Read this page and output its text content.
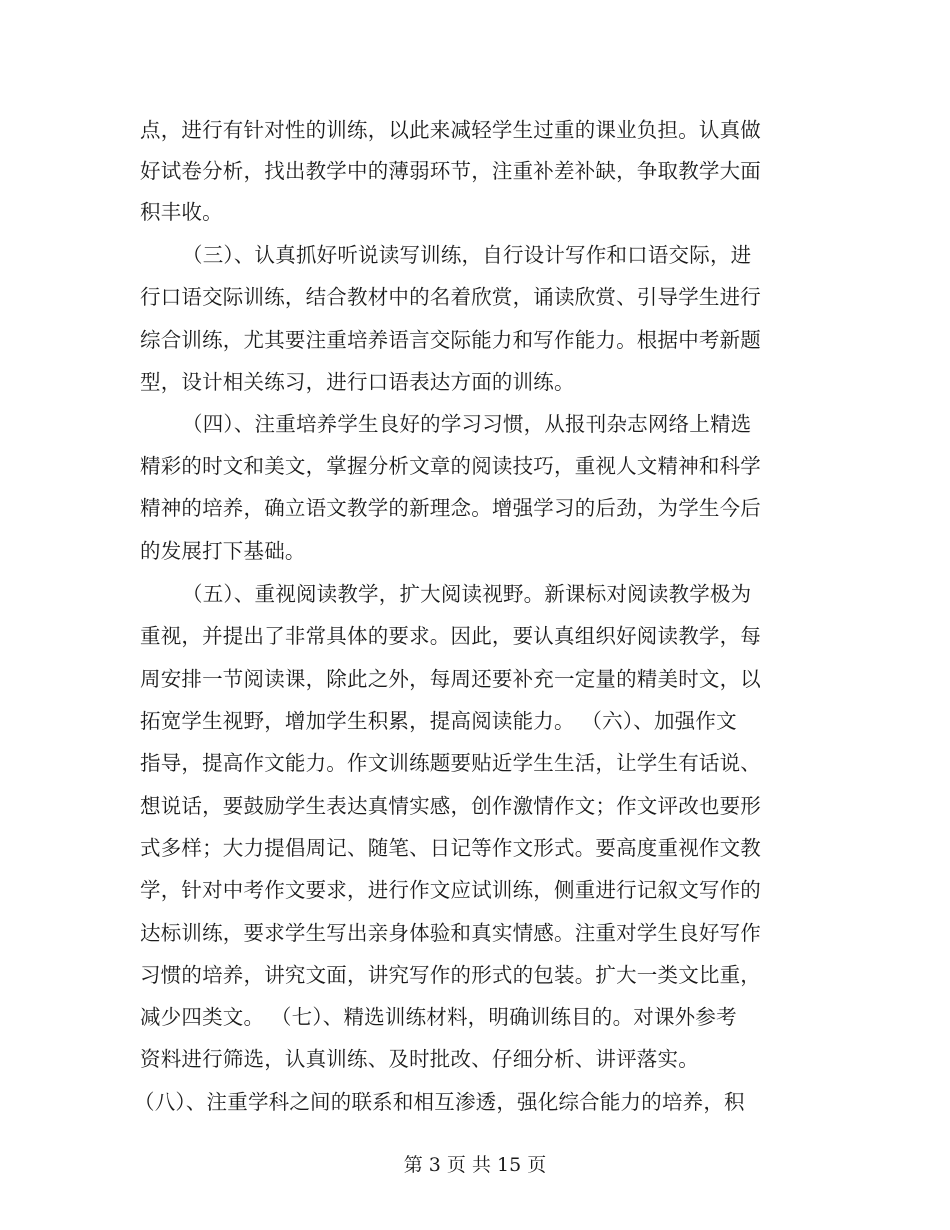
点，进行有针对性的训练，以此来减轻学生过重的课业负担。认真做
好试卷分析，找出教学中的薄弱环节，注重补差补缺，争取教学大面
积丰收。
（三）、认真抓好听说读写训练，自行设计写作和口语交际，进
行口语交际训练，结合教材中的名着欣赏，诵读欣赏、引导学生进行
综合训练，尤其要注重培养语言交际能力和写作能力。根据中考新题
型，设计相关练习，进行口语表达方面的训练。
（四）、注重培养学生良好的学习习惯，从报刊杂志网络上精选
精彩的时文和美文，掌握分析文章的阅读技巧，重视人文精神和科学
精神的培养，确立语文教学的新理念。增强学习的后劲，为学生今后
的发展打下基础。
（五）、重视阅读教学，扩大阅读视野。新课标对阅读教学极为
重视，并提出了非常具体的要求。因此，要认真组织好阅读教学，每
周安排一节阅读课，除此之外，每周还要补充一定量的精美时文，以
拓宽学生视野，增加学生积累，提高阅读能力。 （六）、加强作文
指导，提高作文能力。作文训练题要贴近学生生活，让学生有话说、
想说话，要鼓励学生表达真情实感，创作激情作文；作文评改也要形
式多样；大力提倡周记、随笔、日记等作文形式。要高度重视作文教
学，针对中考作文要求，进行作文应试训练，侧重进行记叙文写作的
达标训练，要求学生写出亲身体验和真实情感。注重对学生良好写作
习惯的培养，讲究文面，讲究写作的形式的包装。扩大一类文比重，
减少四类文。 （七）、精选训练材料，明确训练目的。对课外参考
资料进行筛选，认真训练、及时批改、仔细分析、讲评落实。
（八）、注重学科之间的联系和相互渗透，强化综合能力的培养，积
第 3 页 共 15 页
